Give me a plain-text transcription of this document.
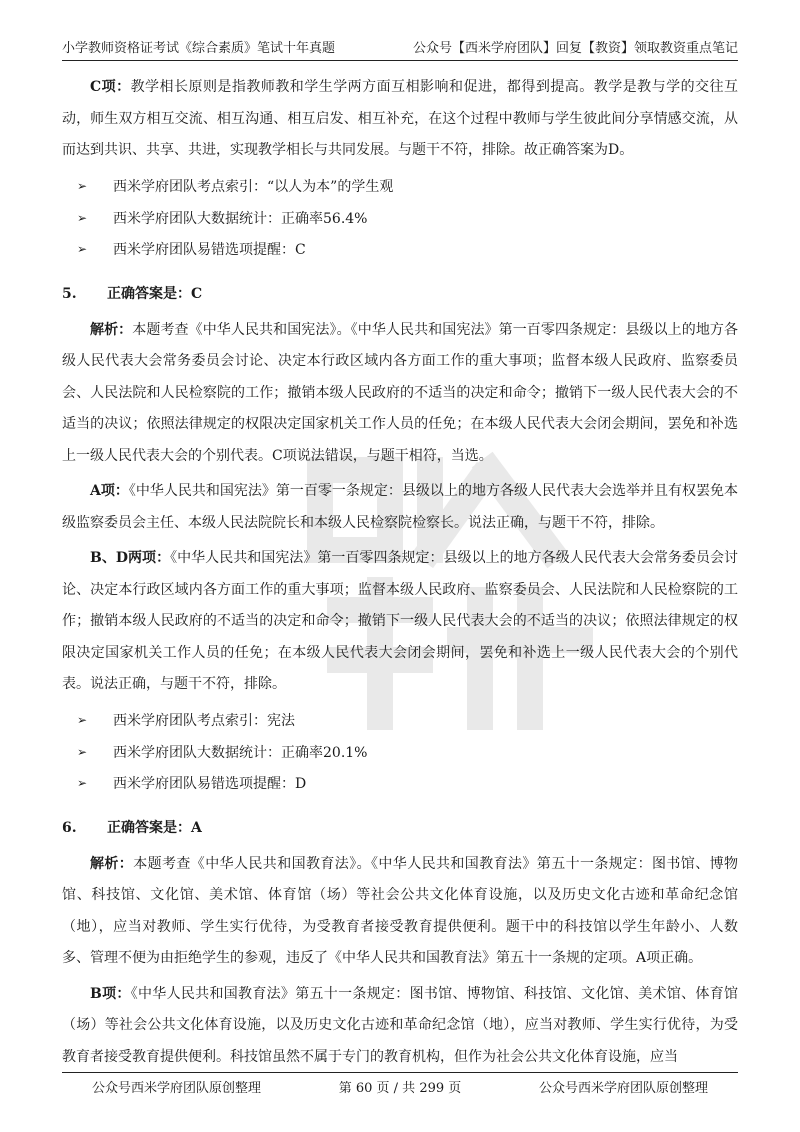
小学教师资格证考试《综合素质》笔试十年真题	公众号【西米学府团队】回复【教资】领取教资重点笔记

C项：教学相长原则是指教师教和学生学两方面互相影响和促进，都得到提高。教学是教与学的交往互动，师生双方相互交流、相互沟通、相互启发、相互补充，在这个过程中教师与学生彼此间分享情感交流，从而达到共识、共享、共进，实现教学相长与共同发展。与题干不符，排除。故正确答案为D。

➢	西米学府团队考点索引：“以人为本”的学生观
➢	西米学府团队大数据统计：正确率56.4%
➢	西米学府团队易错选项提醒：C
5.	正确答案是：C

解析：本题考查《中华人民共和国宪法》。《中华人民共和国宪法》第一百零四条规定：县级以上的地方各级人民代表大会常务委员会讨论、决定本行政区域内各方面工作的重大事项；监督本级人民政府、监察委员会、人民法院和人民检察院的工作；撤销本级人民政府的不适当的决定和命令；撤销下一级人民代表大会的不适当的决议；依照法律规定的权限决定国家机关工作人员的任免；在本级人民代表大会闭会期间，罢免和补选上一级人民代表大会的个别代表。C项说法错误，与题干相符，当选。

A项：《中华人民共和国宪法》第一百零一条规定：县级以上的地方各级人民代表大会选举并且有权罢免本级监察委员会主任、本级人民法院院长和本级人民检察院检察长。说法正确，与题干不符，排除。

B、D两项：《中华人民共和国宪法》第一百零四条规定：县级以上的地方各级人民代表大会常务委员会讨论、决定本行政区域内各方面工作的重大事项；监督本级人民政府、监察委员会、人民法院和人民检察院的工作；撤销本级人民政府的不适当的决定和命令；撤销下一级人民代表大会的不适当的决议；依照法律规定的权限决定国家机关工作人员的任免；在本级人民代表大会闭会期间，罢免和补选上一级人民代表大会的个别代表。说法正确，与题干不符，排除。

➢	西米学府团队考点索引：宪法
➢	西米学府团队大数据统计：正确率20.1%
➢	西米学府团队易错选项提醒：D
6.	正确答案是：A

解析：本题考查《中华人民共和国教育法》。《中华人民共和国教育法》第五十一条规定：图书馆、博物馆、科技馆、文化馆、美术馆、体育馆（场）等社会公共文化体育设施，以及历史文化古迹和革命纪念馆（地），应当对教师、学生实行优待，为受教育者接受教育提供便利。题干中的科技馆以学生年龄小、人数多、管理不便为由拒绝学生的参观，违反了《中华人民共和国教育法》第五十一条规的定项。A项正确。

B项：《中华人民共和国教育法》第五十一条规定：图书馆、博物馆、科技馆、文化馆、美术馆、体育馆（场）等社会公共文化体育设施，以及历史文化古迹和革命纪念馆（地），应当对教师、学生实行优待，为受教育者接受教育提供便利。科技馆虽然不属于专门的教育机构，但作为社会公共文化体育设施，应当

公众号西米学府团队原创整理	第 60 页 / 共 299 页	公众号西米学府团队原创整理
